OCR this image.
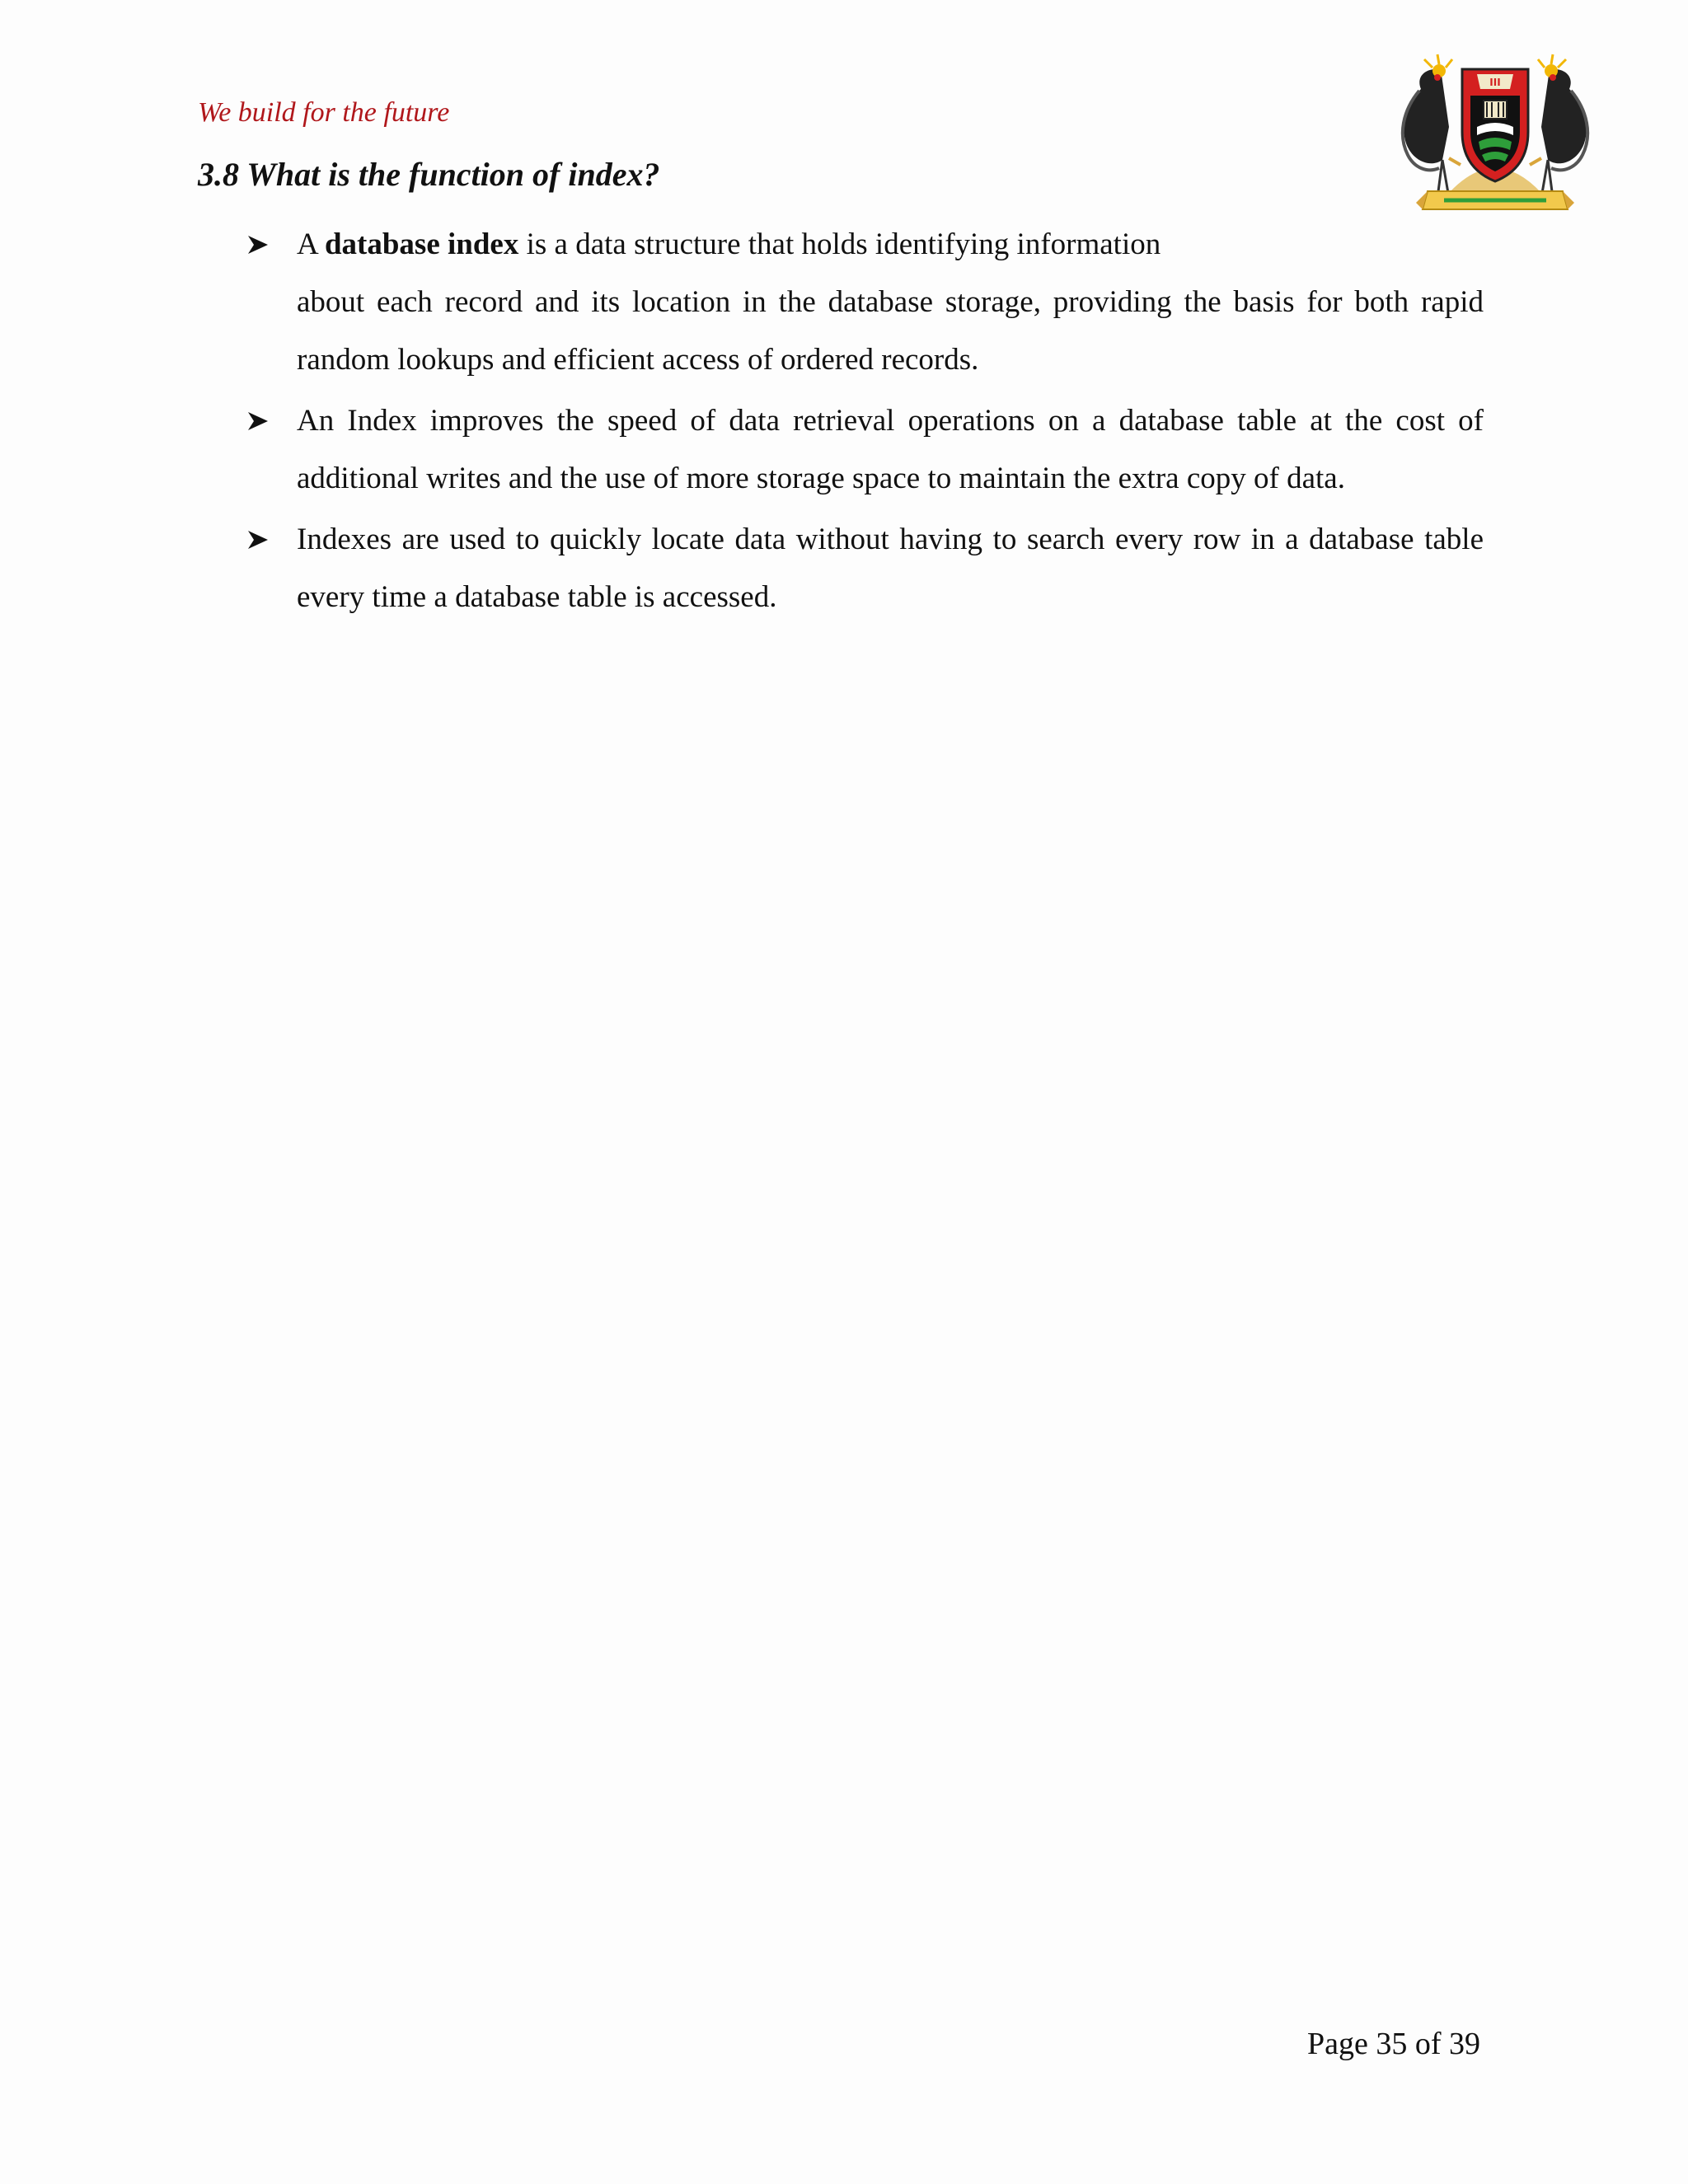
We build for the future
3.8 What is the function of index?
III
A database index is a data structure that holds identifying information
about each record and its location in the database storage, providing the basis for both rapid random lookups and efficient access of ordered records.
An Index improves the speed of data retrieval operations on a database table at the cost of additional writes and the use of more storage space to maintain the extra copy of data.
Indexes are used to quickly locate data without having to search every row in a database table every time a database table is accessed.
Page 35 of 39
